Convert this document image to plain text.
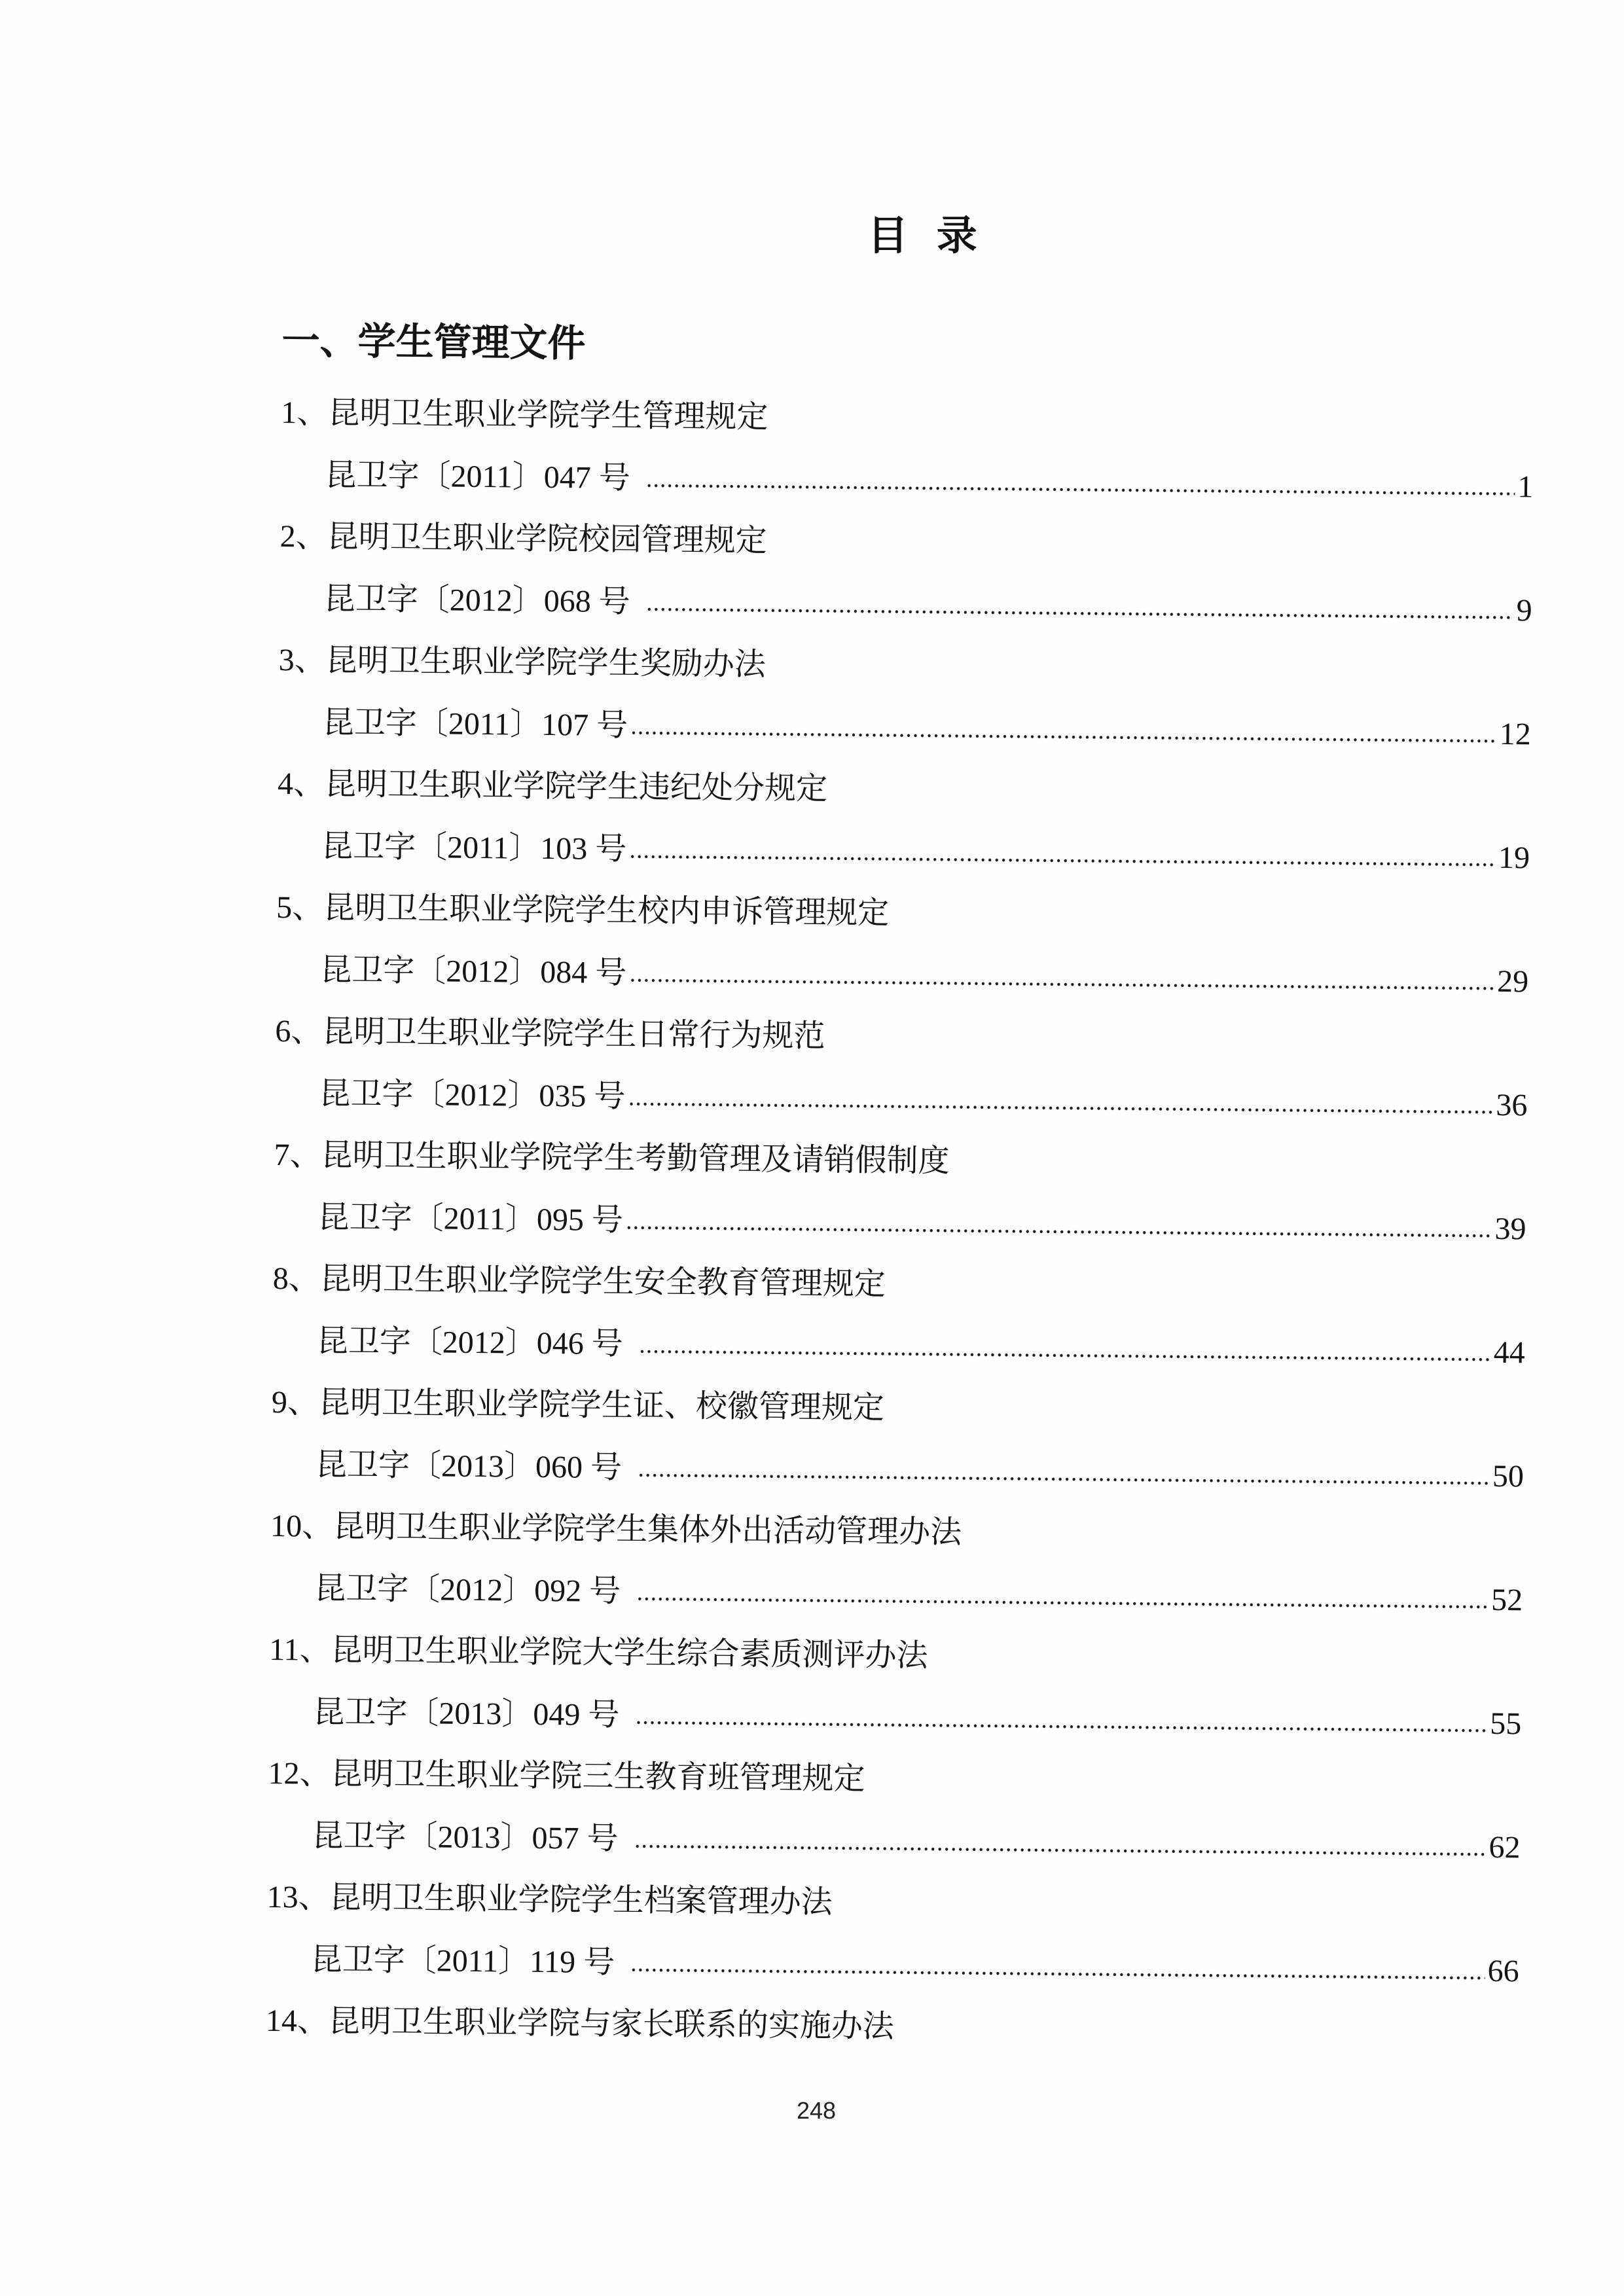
目 录
一、学生管理文件
1、昆明卫生职业学院学生管理规定
昆卫字〔2011〕047 号	1
2、昆明卫生职业学院校园管理规定
昆卫字〔2012〕068 号	9
3、昆明卫生职业学院学生奖励办法
昆卫字〔2011〕107 号	12
4、昆明卫生职业学院学生违纪处分规定
昆卫字〔2011〕103 号	19
5、昆明卫生职业学院学生校内申诉管理规定
昆卫字〔2012〕084 号	29
6、昆明卫生职业学院学生日常行为规范
昆卫字〔2012〕035 号	36
7、昆明卫生职业学院学生考勤管理及请销假制度
昆卫字〔2011〕095 号	39
8、昆明卫生职业学院学生安全教育管理规定
昆卫字〔2012〕046 号	44
9、昆明卫生职业学院学生证、校徽管理规定
昆卫字〔2013〕060 号	50
10、昆明卫生职业学院学生集体外出活动管理办法
昆卫字〔2012〕092 号	52
11、昆明卫生职业学院大学生综合素质测评办法
昆卫字〔2013〕049 号	55
12、昆明卫生职业学院三生教育班管理规定
昆卫字〔2013〕057 号	62
13、昆明卫生职业学院学生档案管理办法
昆卫字〔2011〕119 号	66
14、昆明卫生职业学院与家长联系的实施办法
248
